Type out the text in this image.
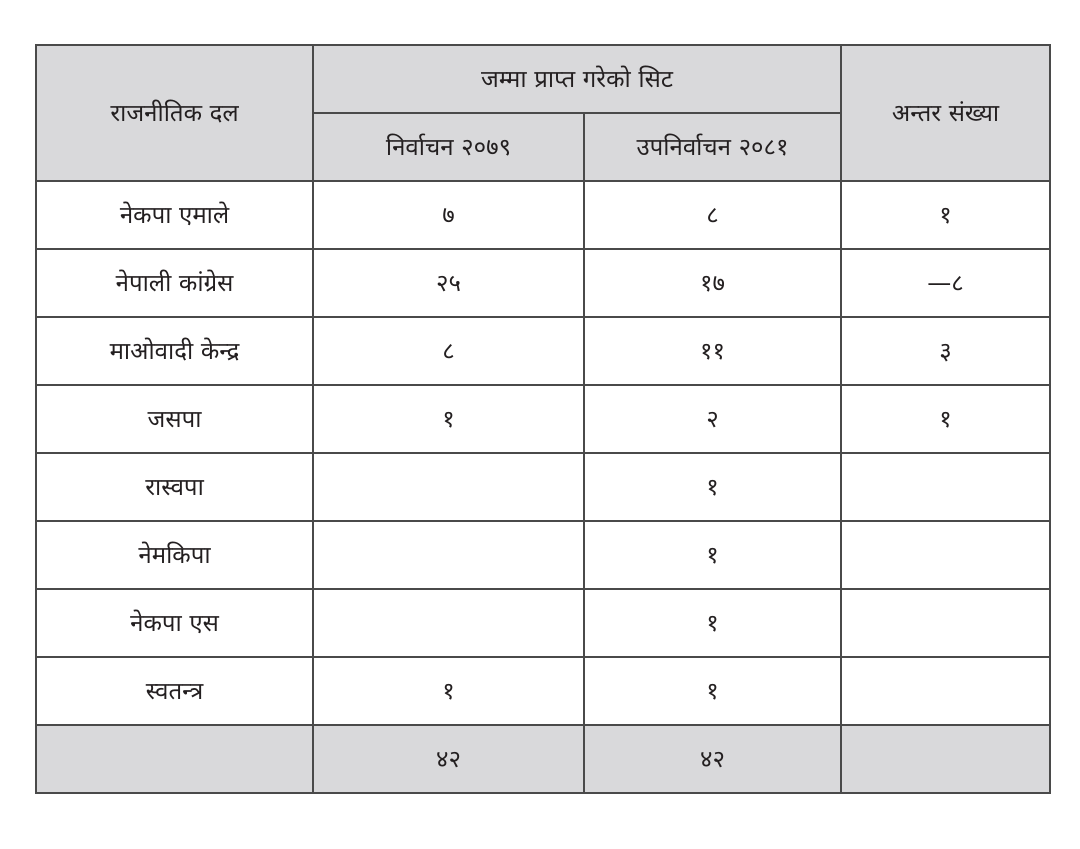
राजनीतिक दल	जम्मा प्राप्त गरेको सिट		अन्तर संख्या
	निर्वाचन २०७९	उपनिर्वाचन २०८१	
नेकपा एमाले	७	८	१
नेपाली कांग्रेस	२५	१७	—८
माओवादी केन्द्र	८	११	३
जसपा	१	२	१
रास्वपा		१	
नेमकिपा		१	
नेकपा एस		१	
स्वतन्त्र	१	१	
	४२	४२	
